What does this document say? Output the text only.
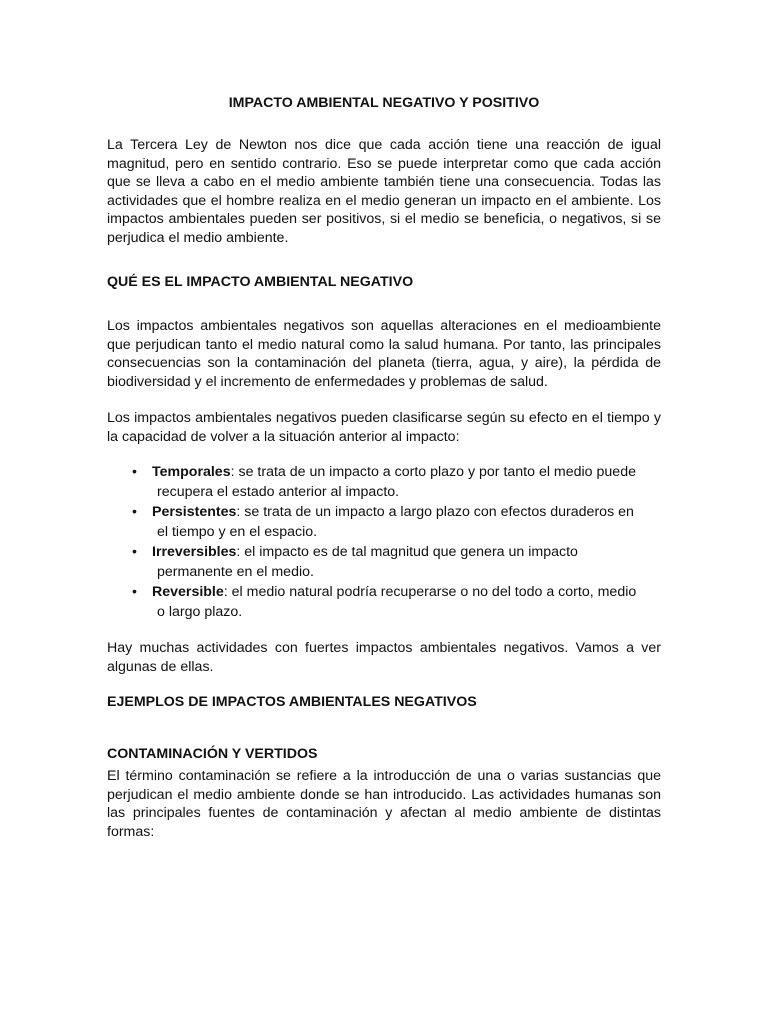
IMPACTO AMBIENTAL NEGATIVO Y POSITIVO

La Tercera Ley de Newton nos dice que cada acción tiene una reacción de igual magnitud, pero en sentido contrario. Eso se puede interpretar como que cada acción que se lleva a cabo en el medio ambiente también tiene una consecuencia. Todas las actividades que el hombre realiza en el medio generan un impacto en el ambiente. Los impactos ambientales pueden ser positivos, si el medio se beneficia, o negativos, si se perjudica el medio ambiente.

QUÉ ES EL IMPACTO AMBIENTAL NEGATIVO

Los impactos ambientales negativos son aquellas alteraciones en el medioambiente que perjudican tanto el medio natural como la salud humana. Por tanto, las principales consecuencias son la contaminación del planeta (tierra, agua, y aire), la pérdida de biodiversidad y el incremento de enfermedades y problemas de salud.

Los impactos ambientales negativos pueden clasificarse según su efecto en el tiempo y la capacidad de volver a la situación anterior al impacto:

• Temporales: se trata de un impacto a corto plazo y por tanto el medio puede
recupera el estado anterior al impacto.
• Persistentes: se trata de un impacto a largo plazo con efectos duraderos en
el tiempo y en el espacio.
• Irreversibles: el impacto es de tal magnitud que genera un impacto
permanente en el medio.
• Reversible: el medio natural podría recuperarse o no del todo a corto, medio
o largo plazo.

Hay muchas actividades con fuertes impactos ambientales negativos. Vamos a ver algunas de ellas.

EJEMPLOS DE IMPACTOS AMBIENTALES NEGATIVOS
CONTAMINACIÓN Y VERTIDOS

El término contaminación se refiere a la introducción de una o varias sustancias que perjudican el medio ambiente donde se han introducido. Las actividades humanas son las principales fuentes de contaminación y afectan al medio ambiente de distintas formas:
